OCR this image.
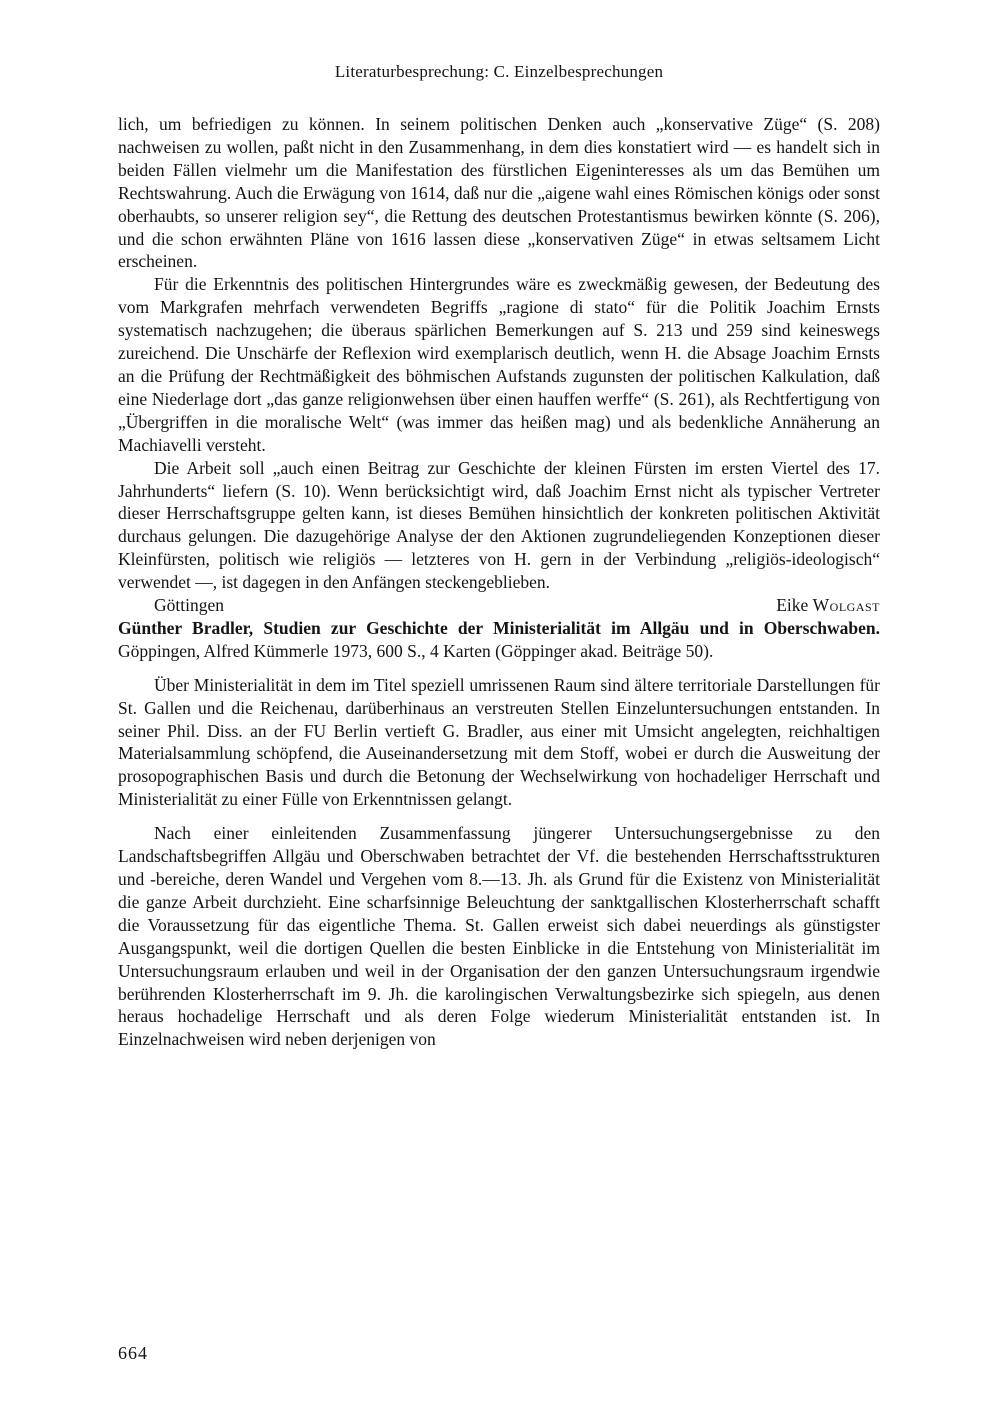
Literaturbesprechung: C. Einzelbesprechungen

lich, um befriedigen zu können. In seinem politischen Denken auch „konservative Züge“ (S. 208) nachweisen zu wollen, paßt nicht in den Zusammenhang, in dem dies konstatiert wird — es handelt sich in beiden Fällen vielmehr um die Manifestation des fürstlichen Eigeninteresses als um das Bemühen um Rechtswahrung. Auch die Erwägung von 1614, daß nur die „aigene wahl eines Römischen königs oder sonst oberhaubts, so unserer religion sey“, die Rettung des deutschen Protestantismus bewirken könnte (S. 206), und die schon erwähnten Pläne von 1616 lassen diese „konservativen Züge“ in etwas seltsamem Licht erscheinen.

Für die Erkenntnis des politischen Hintergrundes wäre es zweckmäßig gewesen, der Bedeutung des vom Markgrafen mehrfach verwendeten Begriffs „ragione di stato“ für die Politik Joachim Ernsts systematisch nachzugehen; die überaus spärlichen Bemerkungen auf S. 213 und 259 sind keineswegs zureichend. Die Unschärfe der Reflexion wird exemplarisch deutlich, wenn H. die Absage Joachim Ernsts an die Prüfung der Rechtmäßigkeit des böhmischen Aufstands zugunsten der politischen Kalkulation, daß eine Niederlage dort „das ganze religionwehsen über einen hauffen werffe“ (S. 261), als Rechtfertigung von „Übergriffen in die moralische Welt“ (was immer das heißen mag) und als bedenkliche Annäherung an Machiavelli versteht.

Die Arbeit soll „auch einen Beitrag zur Geschichte der kleinen Fürsten im ersten Viertel des 17. Jahrhunderts“ liefern (S. 10). Wenn berücksichtigt wird, daß Joachim Ernst nicht als typischer Vertreter dieser Herrschaftsgruppe gelten kann, ist dieses Bemühen hinsichtlich der konkreten politischen Aktivität durchaus gelungen. Die dazugehörige Analyse der den Aktionen zugrundeliegenden Konzeptionen dieser Kleinfürsten, politisch wie religiös — letzteres von H. gern in der Verbindung „religiös-ideologisch“ verwendet —, ist dagegen in den Anfängen steckengeblieben.

Göttingen	Eike Wolgast

Günther Bradler, Studien zur Geschichte der Ministerialität im Allgäu und in Oberschwaben. Göppingen, Alfred Kümmerle 1973, 600 S., 4 Karten (Göppinger akad. Beiträge 50).

Über Ministerialität in dem im Titel speziell umrissenen Raum sind ältere territoriale Darstellungen für St. Gallen und die Reichenau, darüberhinaus an verstreuten Stellen Einzeluntersuchungen entstanden. In seiner Phil. Diss. an der FU Berlin vertieft G. Bradler, aus einer mit Umsicht angelegten, reichhaltigen Materialsammlung schöpfend, die Auseinandersetzung mit dem Stoff, wobei er durch die Ausweitung der prosopographischen Basis und durch die Betonung der Wechselwirkung von hochadeliger Herrschaft und Ministerialität zu einer Fülle von Erkenntnissen gelangt.

Nach einer einleitenden Zusammenfassung jüngerer Untersuchungsergebnisse zu den Landschaftsbegriffen Allgäu und Oberschwaben betrachtet der Vf. die bestehenden Herrschaftsstrukturen und -bereiche, deren Wandel und Vergehen vom 8.—13. Jh. als Grund für die Existenz von Ministerialität die ganze Arbeit durchzieht. Eine scharfsinnige Beleuchtung der sanktgallischen Klosterherrschaft schafft die Voraussetzung für das eigentliche Thema. St. Gallen erweist sich dabei neuerdings als günstigster Ausgangspunkt, weil die dortigen Quellen die besten Einblicke in die Entstehung von Ministerialität im Untersuchungsraum erlauben und weil in der Organisation der den ganzen Untersuchungsraum irgendwie berührenden Klosterherrschaft im 9. Jh. die karolingischen Verwaltungsbezirke sich spiegeln, aus denen heraus hochadelige Herrschaft und als deren Folge wiederum Ministerialität entstanden ist. In Einzelnachweisen wird neben derjenigen von

664
